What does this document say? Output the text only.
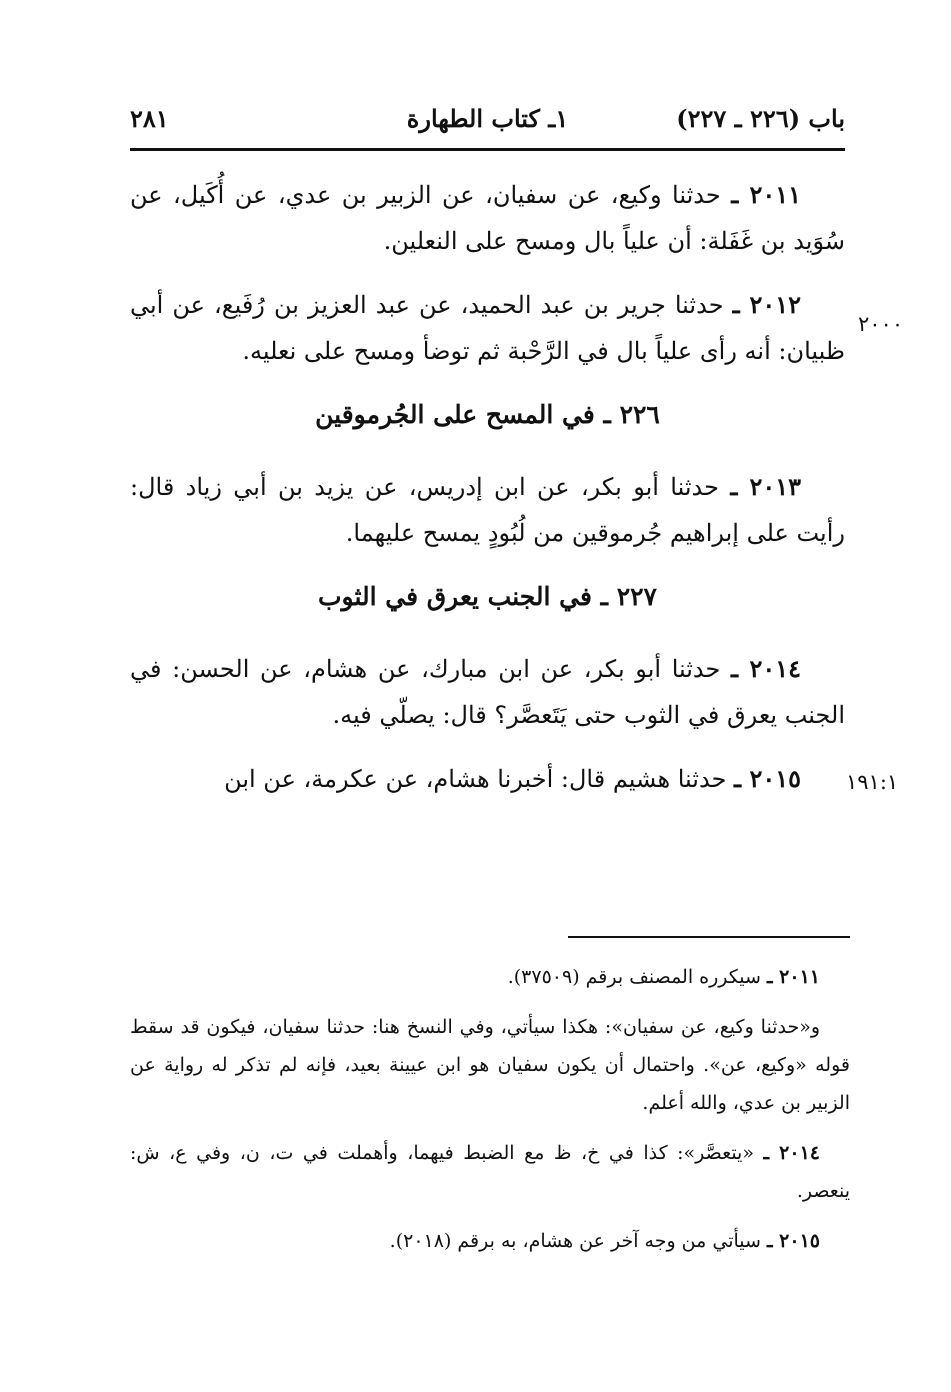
باب (٢٢٦ ـ ٢٢٧)
١ـ كتاب الطهارة
٢٨١

٢٠١١ ـ حدثنا وكيع، عن سفيان، عن الزبير بن عدي، عن أُكَيل، عن سُوَيد بن غَفَلة: أن علياً بال ومسح على النعلين.

٢٠١٢ ـ حدثنا جرير بن عبد الحميد، عن عبد العزيز بن رُفَيع، عن أبي ظبيان: أنه رأى علياً بال في الرَّحْبة ثم توضأ ومسح على نعليه.

٢٢٦ ـ في المسح على الجُرموقين

٢٠١٣ ـ حدثنا أبو بكر، عن ابن إدريس، عن يزيد بن أبي زياد قال: رأيت على إبراهيم جُرموقين من لُبُودٍ يمسح عليهما.

٢٢٧ ـ في الجنب يعرق في الثوب

٢٠١٤ ـ حدثنا أبو بكر، عن ابن مبارك، عن هشام، عن الحسن: في الجنب يعرق في الثوب حتى يَتَعصَّر؟ قال: يصلّي فيه.

٢٠١٥ ـ حدثنا هشيم قال: أخبرنا هشام، عن عكرمة، عن ابن

٢٠٠٠
١٩١:١

٢٠١١ ـ سيكرره المصنف برقم (٣٧٥٠٩).

و«حدثنا وكيع، عن سفيان»: هكذا سيأتي، وفي النسخ هنا: حدثنا سفيان، فيكون قد سقط قوله «وكيع، عن». واحتمال أن يكون سفيان هو ابن عيينة بعيد، فإنه لم تذكر له رواية عن الزبير بن عدي، والله أعلم.

٢٠١٤ ـ «يتعصَّر»: كذا في خ، ظ مع الضبط فيهما، وأهملت في ت، ن، وفي ع، ش: ينعصر.

٢٠١٥ ـ سيأتي من وجه آخر عن هشام، به برقم (٢٠١٨).
